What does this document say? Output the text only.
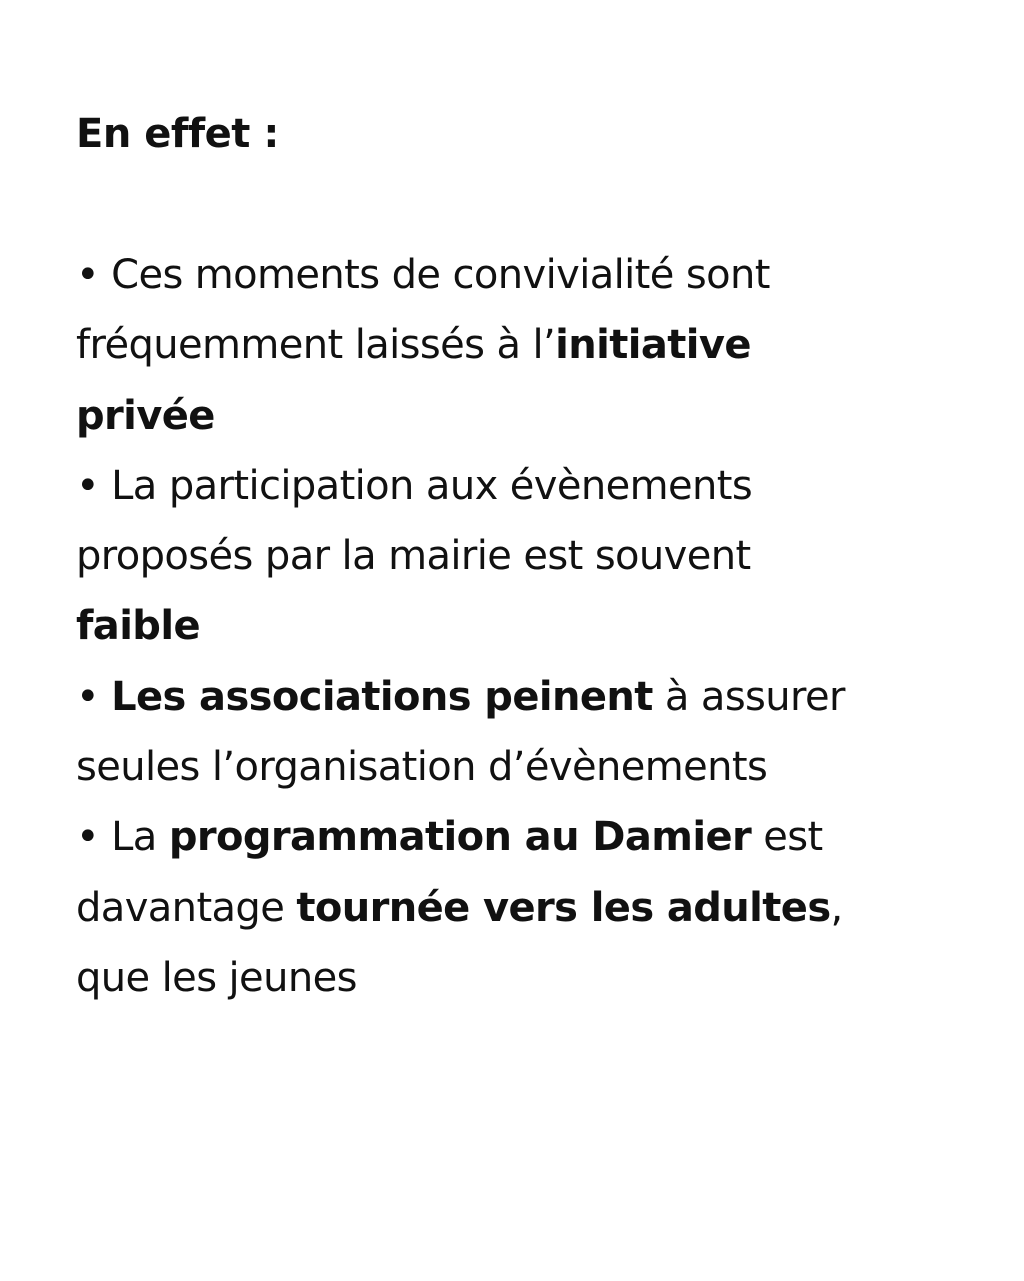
En effet :
• Ces moments de convivialité sont
fréquemment laissés à l’initiative
privée
• La participation aux évènements
proposés par la mairie est souvent
faible
• Les associations peinent à assurer
seules l’organisation d’évènements
• La programmation au Damier est
davantage tournée vers les adultes,
que les jeunes
